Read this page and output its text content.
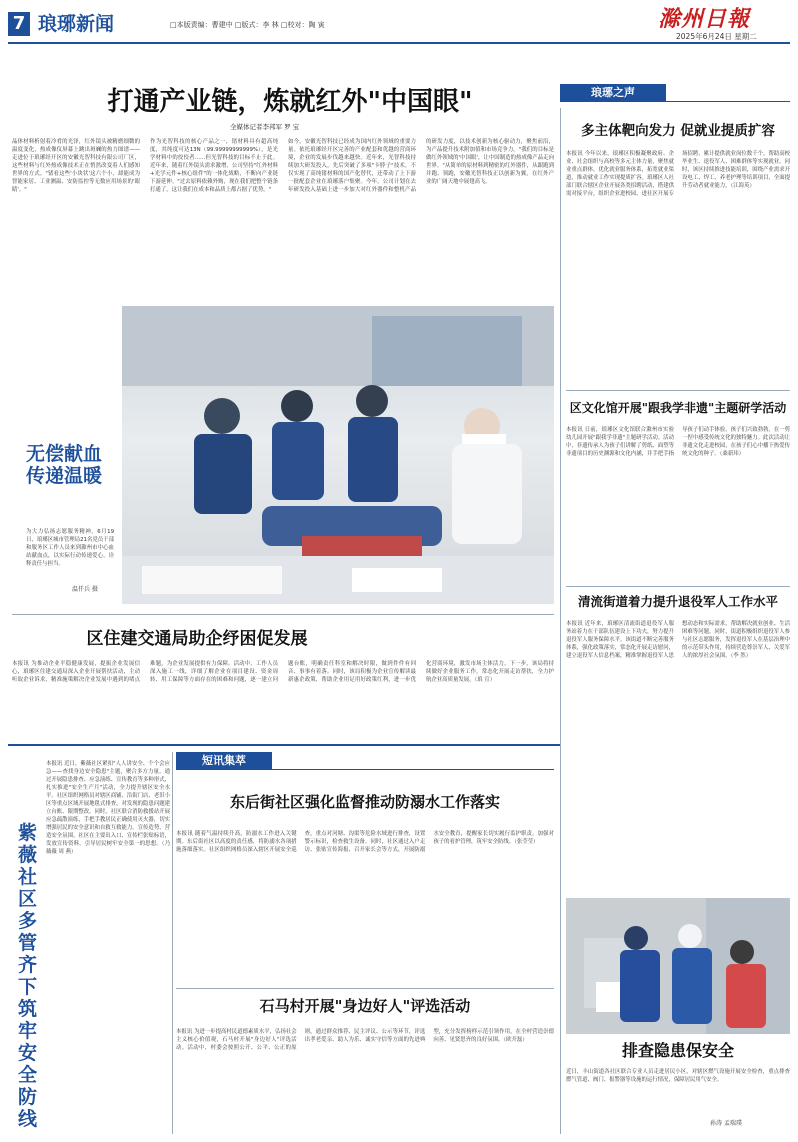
7 琅琊新闻	□本版责编：曹建中 □版式：李 林 □校对：陶 寅	滁州日報
2025年6月24日 星期二
打通产业链，炼就红外"中国眼"
全媒体记者李邦军 罗 宝
晶体材料析射着冷肴的光泽，红外镜头被精磨细微的温度变化，热成像仪屏幕上跳出斑斓的热力图谱——走进位于琅琊经开区的安徽光智科技有限公司厂区，这些材料与红外热成像技术正在悄然改变着人们感知世界的方式。"锗看这些'小块状'这六个小，却能成为智能家居、工业测温、安防监控等无数应用场景的'眼睛'。"
作为光智科技的核心产品之一，锗材料具有超高纯度，其纯度可达13N（99.99999999999%），是光学材料中的佼佼者……但光智科技的目标不止于此。近年来，随着红外镜头需求激增，公司坚持"红外材料+光学元件+核心组件"的一体化战略，不断向产业链下游延伸。"过去原料依赖外购，现在我们把整个链条打通了，这让我们在成本和品质上都占据了优势。"
如今，安徽光智科技已经成为国内红外领域的重要力量。依托琅琊经开区完善的产业配套和优越的营商环境，企业的发展步伐越来越快。近年来，光智科技持续加大研发投入，先后突破了多项"卡脖子"技术，不仅实现了高纯锗材料的国产化替代，还带动了上下游一批配套企业在琅琊落户集聚。今年，公司计划在去年研发投入基础上进一步加大对红外器件和整机产品的研发力度，以技术创新为核心驱动力，聚焦前沿，为产品提升技术附加值和市场竞争力。"我们的目标是做红外领域的'中国眼'，让中国制造的热成像产品走向世界。"从简单的原材料到精密的红外器件，从跟跑到并跑、领跑，安徽光智科技正以创新为翼，在红外产业的广阔天地中展翅高飞。
无偿献血
传递温暖
为大力弘扬志愿服务精神，6月19日，琅琊区城市管理局21名党员干部和服务区工作人员来到滁州市中心血站献血点，以实际行动传递爱心，诠释责任与担当。
温仟兵 摄
区住建交通局助企纾困促发展
本报讯 为推动企业平稳健康发展，提振企业发展信心，琅琊区住建交通局深入企业开展帮扶活动，主动听取企业诉求，精准施策解决企业发展中遇到的堵点难题，为企业发展提供有力保障。活动中，工作人员深入施工一线，详细了解企业在项目建设、资金周转、用工保障等方面存在的困难和问题，逐一建立问题台账，明确责任科室和解决时限，做到件件有回音、事事有着落。同时，该局积极为企业宣传解读最新惠企政策，帮助企业用足用好政策红利，进一步优化营商环境，激发市场主体活力。下一步，该局将持续做好企业服务工作，常态化开展走访帮扶，全力护航企业高质量发展。（琅 宣）
琅琊之声
多主体靶向发力 促就业提质扩容
本报讯 今年以来，琅琊区积极凝聚政府、企业、社会组织与高校等多元主体力量，聚焦就业重点群体，优化就业服务体系，拓宽就业渠道，推动就业工作实现提质扩容。琅琊区人社部门联合辖区企业开展各类招聘活动，搭建供需对接平台，组织企业进校园、进社区开展专场招聘，累计提供就业岗位数千个，帮助高校毕业生、退役军人、困难群体等实现就业。同时，该区持续推进技能培训，围绕产业需求开设电工、焊工、养老护理等培训项目，全面提升劳动者就业能力。（江海英）
区文化馆开展"跟我学非遗"主题研学活动
本报讯 日前，琅琊区文化馆联合滁州市实验幼儿园开展"跟我学非遗"主题研学活动。活动中，非遗传承人为孩子们讲解了剪纸、面塑等非遗项目的历史渊源和文化内涵，并手把手指导孩子们动手体验。孩子们兴致勃勃，在一剪一捏中感受传统文化的独特魅力。此次活动让非遗文化走进校园，在孩子们心中播下热爱传统文化的种子。（桑新玮）
清流街道着力提升退役军人工作水平
本报讯 近年来，琅琊区清流街道退役军人服务站着力在千部队伍建设上下功夫，努力提升退役军人服务保障水平。该街道不断完善服务体系，强化政策落实，常态化开展走访慰问，建立退役军人信息档案，精准掌握退役军人思想动态和实际需求，帮助解决就业创业、生活困难等问题。同时，街道积极组织退役军人参与社区志愿服务，发挥退役军人在基层治理中的示范带头作用，持续营造尊崇军人、关爱军人的浓厚社会氛围。（李 然）
排查隐患保安全
近日，丰山街道各社区联合专业人员走进居民小区，对辖区燃气设施开展安全检查，重点排查燃气管道、阀门、报警器等设施的运行情况，保障居民用气安全。
孙涛 孟瑞璞
紫薇社区多管齐下筑牢安全防线
本报讯 近日，紫薇社区紧扣"人人讲安全、个个会应急——查找身边安全隐患"主题，聚合多方力量，通过开展隐患排查、应急演练、宣传教育等多种形式，扎实推进"安全生产月"活动，全力提升辖区安全水平。社区组织网格员对辖区商铺、沿街门店、老旧小区等重点区域开展地毯式排查，对发现的隐患问题建立台账、限期整改。同时，社区联合消防救援站开展应急疏散演练，手把手教居民正确使用灭火器，切实增强居民的安全意识和自救互救能力。宣传造势，营造安全氛围。社区在主要出入口、宣传栏张贴标语，发放宣传资料，引导居民树牢安全第一的思想。（乃薇薇 周 燕）
短讯集萃
东后街社区强化监督推动防溺水工作落实
本报讯 随着气温持续升高，防溺水工作进入关键期。东后街社区以高度的责任感，将防溺水各项措施落细落实。社区组织网格员深入辖区开展安全巡查，重点对河塘、沟渠等危险水域进行排查，设置警示标识，检查救生设备。同时，社区通过入户走访、张贴宣传海报、召开家长会等方式，开展防溺水安全教育，提醒家长切实履行监护职责，加强对孩子的看护管理，筑牢安全防线。（张莹莹）
石马村开展"身边好人"评选活动
本报讯 为进一步提高村民道德素质水平，弘扬社会主义核心价值观，石马村开展"身边好人"评选活动。活动中，村委会按照公开、公平、公正的原则，通过群众推荐、民主评议、公示等环节，评选出孝老爱亲、助人为乐、诚实守信等方面的先进典型，充分发挥榜样示范引领作用，在全村营造崇德向善、见贤思齐的良好氛围。（欧开磊）
